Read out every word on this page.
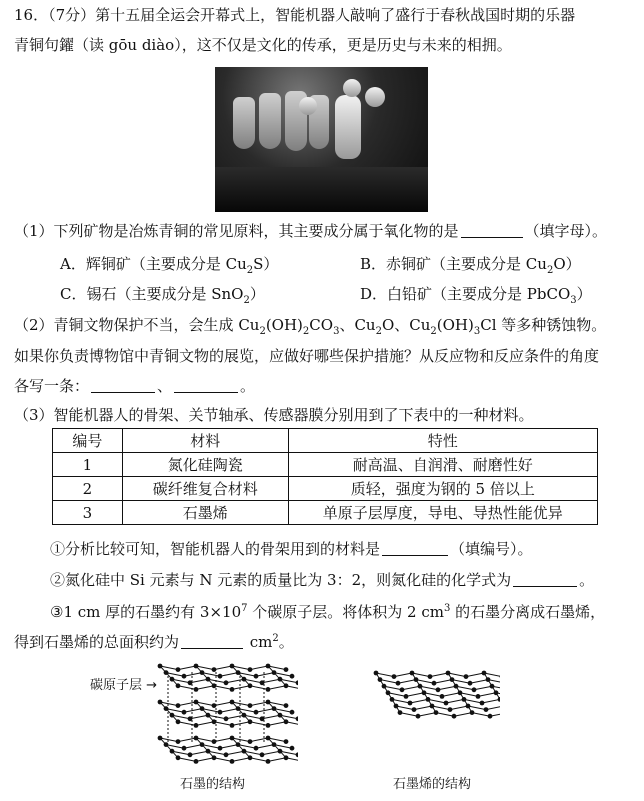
16．（7分）第十五届全运会开幕式上，智能机器人敲响了盛行于春秋战国时期的乐器
青铜句鑃（读 gōu diào），这不仅是文化的传承，更是历史与未来的相拥。
（1）下列矿物是冶炼青铜的常见原料，其主要成分属于氧化物的是	（填字母）。
A．辉铜矿（主要成分是 $Cu_2S$）	B．赤铜矿（主要成分是 $Cu_2O$）
C．锡石（主要成分是 SnO$_2$）	D．白铅矿（主要成分是 PbCO$_3$）
（2）青铜文物保护不当，会生成 $Cu_2(OH)_2CO_3$、$Cu_2O$、$Cu_2(OH)_3Cl$ 等多种锈蚀物。
如果你负责博物馆中青铜文物的展览，应做好哪些保护措施？从反应物和反应条件的角度
各写一条：	、	。
（3）智能机器人的骨架、关节轴承、传感器膜分别用到了下表中的一种材料。
编号	材料	特性
1	氮化硅陶瓷	耐高温、自润滑、耐磨性好
2	碳纤维复合材料	质轻，强度为钢的 5 倍以上
3	石墨烯	单原子层厚度，导电、导热性能优异
①分析比较可知，智能机器人的骨架用到的材料是	（填编号）。
②氮化硅中 Si 元素与 N 元素的质量比为 3：2，则氮化硅的化学式为	。
③1 cm 厚的石墨约有 $3\times 10^7$ 个碳原子层。将体积为 2 $cm^3$ 的石墨分离成石墨烯，
得到石墨烯的总面积约为	$cm^2$。
碳原子层 →
石墨的结构	石墨烯的结构
